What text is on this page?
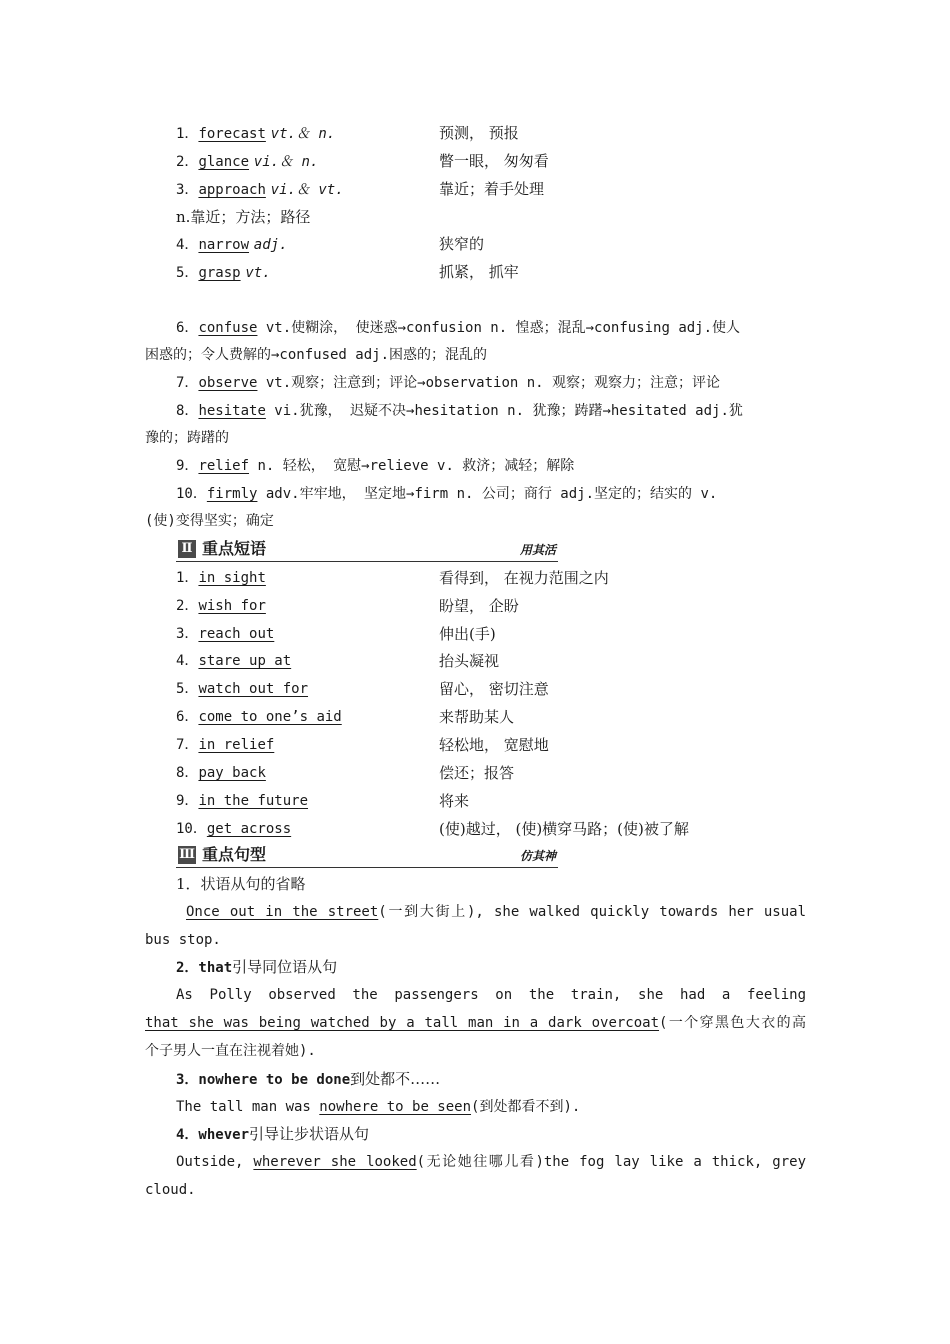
1．forecast vt.＆ n.	预测， 预报
2．glance vi.＆ n.	瞥一眼， 匆匆看
3．approach vi.＆ vt.	靠近；着手处理
n.靠近；方法；路径
4．narrow adj.	狭窄的
5．grasp vt.	抓紧， 抓牢
6．confuse vt.使糊涂， 使迷惑→confusion n. 惶惑；混乱→confusing adj.使人
困惑的；令人费解的→confused adj.困惑的；混乱的
7．observe vt.观察；注意到；评论→observation n. 观察；观察力；注意；评论
8．hesitate vi.犹豫， 迟疑不决→hesitation n. 犹豫；踌躇→hesitated adj.犹
豫的；踌躇的
9．relief n. 轻松， 宽慰→relieve v. 救济；减轻；解除
10．firmly adv.牢牢地， 坚定地→firm n. 公司；商行 adj.坚定的；结实的 v.
(使)变得坚实；确定
Ⅱ 重点短语	用其活
1．in sight	看得到， 在视力范围之内
2．wish for	盼望， 企盼
3．reach out	伸出(手)
4．stare up at	抬头凝视
5．watch out for	留心， 密切注意
6．come to one’s aid	来帮助某人
7．in relief	轻松地， 宽慰地
8．pay back	偿还；报答
9．in the future	将来
10．get across	(使)越过， (使)横穿马路；(使)被了解
Ⅲ 重点句型	仿其神
1．状语从句的省略
Once out in the street(一到大街上), she walked quickly towards her usual
bus stop.
2．that引导同位语从句
As Polly observed the passengers on the train, she had a feeling
that she was being watched by a tall man in a dark overcoat(一个穿黑色大衣的高
个子男人一直在注视着她).
3．nowhere to be done到处都不……
The tall man was nowhere to be seen(到处都看不到).
4．whever引导让步状语从句
Outside, wherever she looked(无论她往哪儿看)the fog lay like a thick, grey
cloud.
